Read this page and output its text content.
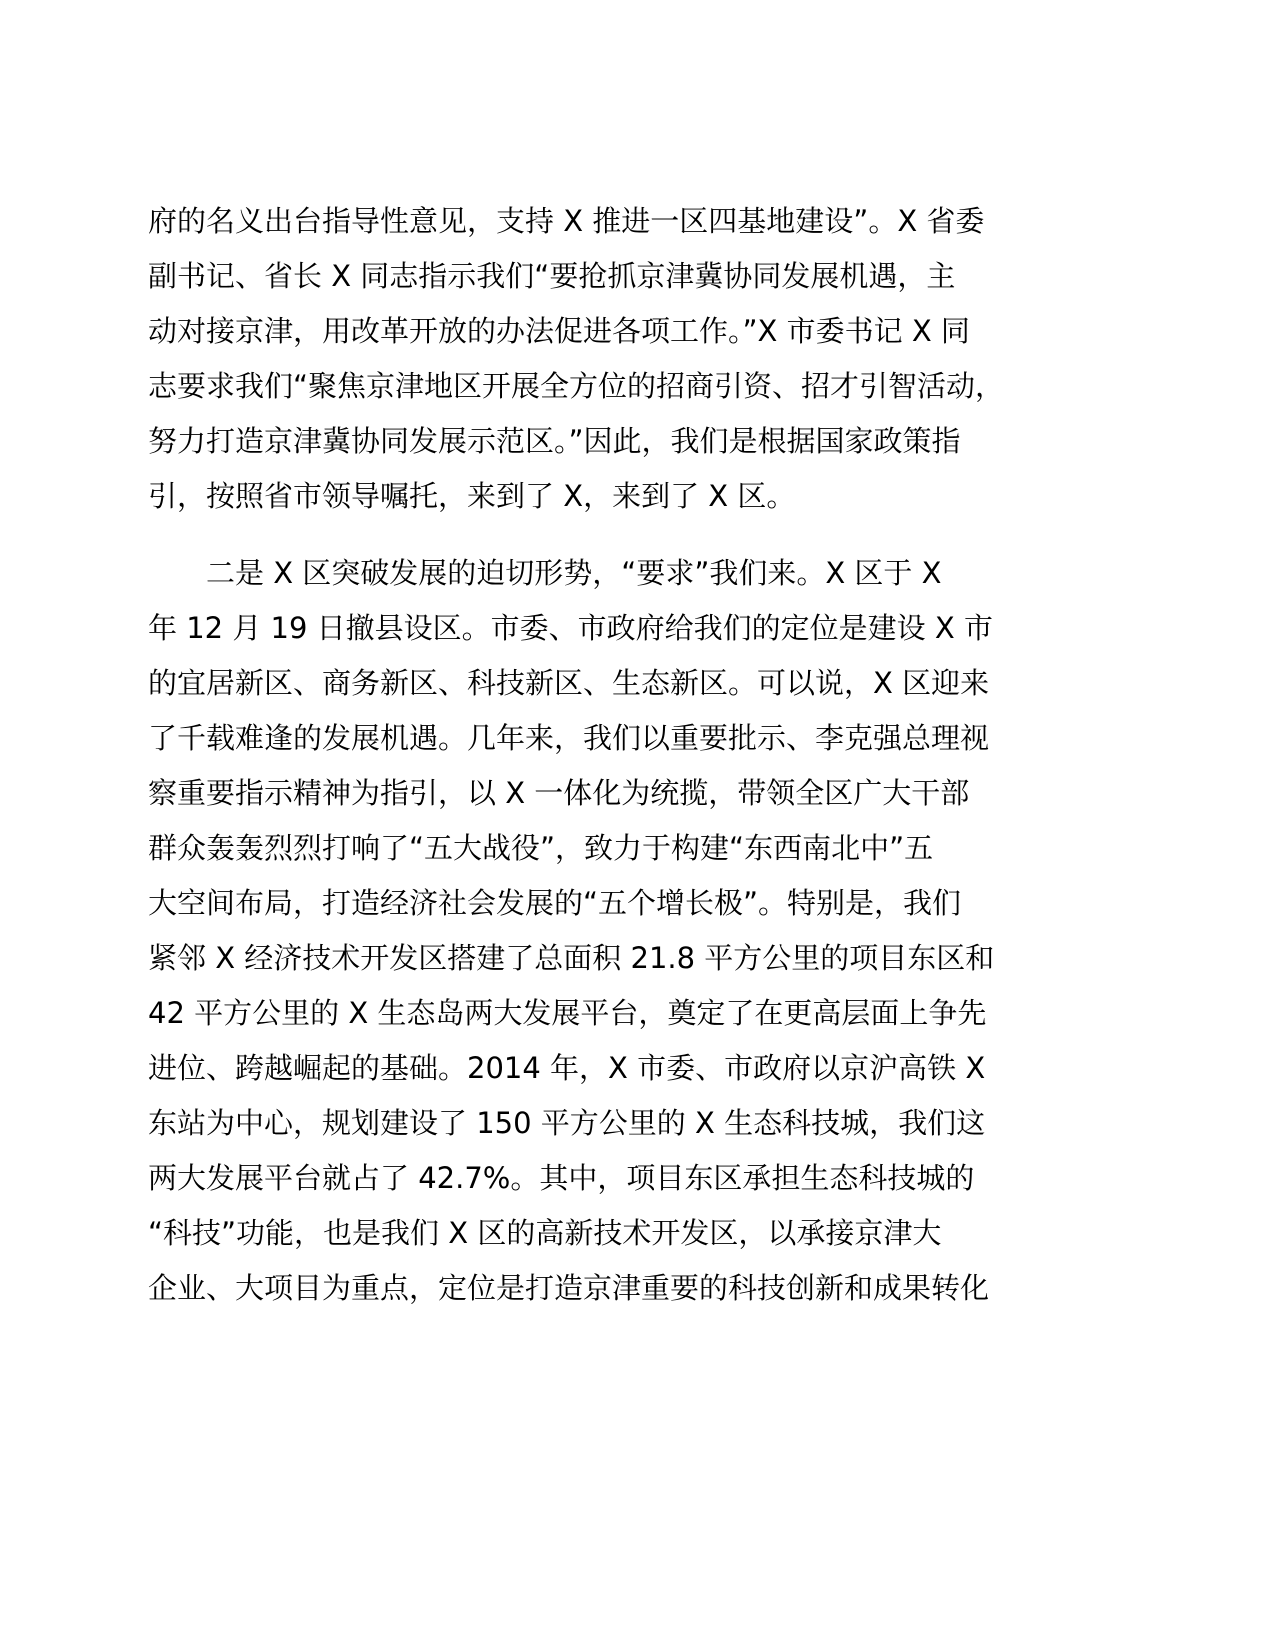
府的名义出台指导性意见，支持 X 推进一区四基地建设”。X 省委
副书记、省长 X 同志指示我们“要抢抓京津冀协同发展机遇，主
动对接京津，用改革开放的办法促进各项工作。”X 市委书记 X 同
志要求我们“聚焦京津地区开展全方位的招商引资、招才引智活动，
努力打造京津冀协同发展示范区。”因此，我们是根据国家政策指
引，按照省市领导嘱托，来到了 X，来到了 X 区。
　　二是 X 区突破发展的迫切形势，“要求”我们来。X 区于 X
年 12 月 19 日撤县设区。市委、市政府给我们的定位是建设 X 市
的宜居新区、商务新区、科技新区、生态新区。可以说，X 区迎来
了千载难逢的发展机遇。几年来，我们以重要批示、李克强总理视
察重要指示精神为指引，以 X 一体化为统揽，带领全区广大干部
群众轰轰烈烈打响了“五大战役”，致力于构建“东西南北中”五
大空间布局，打造经济社会发展的“五个增长极”。特别是，我们
紧邻 X 经济技术开发区搭建了总面积 21.8 平方公里的项目东区和
42 平方公里的 X 生态岛两大发展平台，奠定了在更高层面上争先
进位、跨越崛起的基础。2014 年，X 市委、市政府以京沪高铁 X
东站为中心，规划建设了 150 平方公里的 X 生态科技城，我们这
两大发展平台就占了 42.7%。其中，项目东区承担生态科技城的
“科技”功能，也是我们 X 区的高新技术开发区，以承接京津大
企业、大项目为重点，定位是打造京津重要的科技创新和成果转化
